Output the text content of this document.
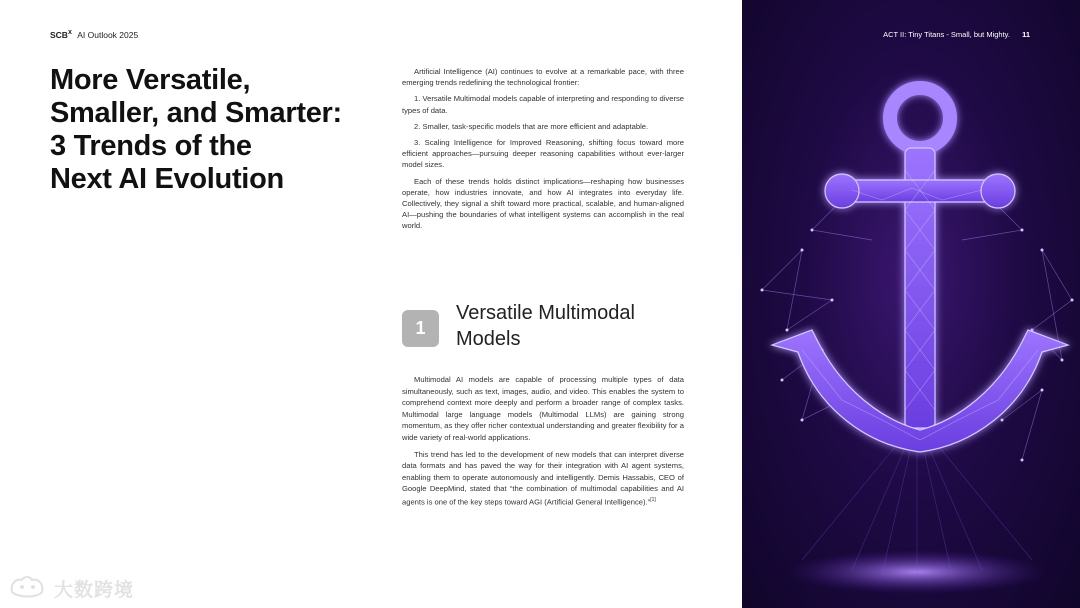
SCB$^x$ AI Outlook 2025
More Versatile,
Smaller, and Smarter:
3 Trends of the
Next AI Evolution

Artificial Intelligence (AI) continues to evolve at a remarkable pace, with three emerging trends redefining the technological frontier:

1. Versatile Multimodal models capable of interpreting and responding to diverse types of data.

2. Smaller, task-specific models that are more efficient and adaptable.

3. Scaling Intelligence for Improved Reasoning, shifting focus toward more efficient approaches—pursuing deeper reasoning capabilities without ever-larger model sizes.

Each of these trends holds distinct implications—reshaping how businesses operate, how industries innovate, and how AI integrates into everyday life. Collectively, they signal a shift toward more practical, scalable, and human-aligned AI—pushing the boundaries of what intelligent systems can accomplish in the real world.

1
Versatile Multimodal
Models

Multimodal AI models are capable of processing multiple types of data simultaneously, such as text, images, audio, and video. This enables the system to comprehend context more deeply and perform a broader range of complex tasks. Multimodal large language models (Multimodal LLMs) are gaining strong momentum, as they offer richer contextual understanding and greater flexibility for a wide variety of real-world applications.

This trend has led to the development of new models that can interpret diverse data formats and has paved the way for their integration with AI agent systems, enabling them to operate autonomously and intelligently. Demis Hassabis, CEO of Google DeepMind, stated that “the combination of multimodal capabilities and AI agents is one of the key steps toward AGI (Artificial General Intelligence).”[1]

大数跨境
ACT II: Tiny Titans - Small, but Mighty. 11
